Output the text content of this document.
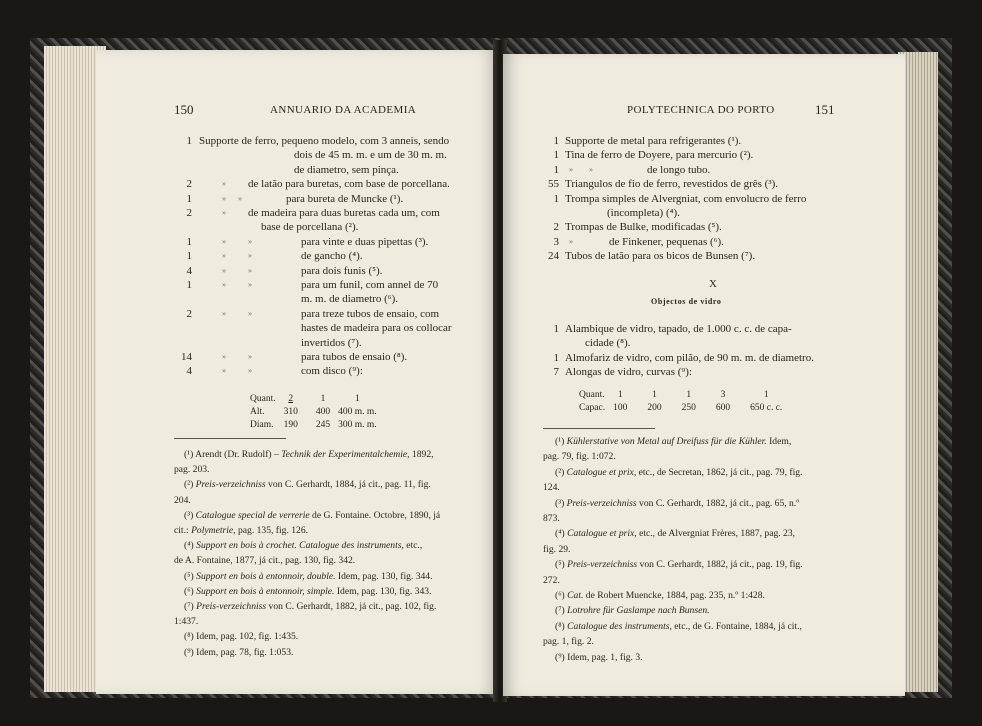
150	ANNUARIO DA ACADEMIA
1 Supporte de ferro, pequeno modelo, com 3 anneis, sendo
dois de 45 m. m. e um de 30 m. m.
de diametro, sem pinça.
2	» de latão para buretas, com base de porcellana.
1	»      »	para bureta de Muncke (¹).
2	» de madeira para duas buretas cada um, com
base de porcellana (²).
1	»           »	para vinte e duas pipettas (³).
1	»           »	de gancho (⁴).
4	»           »	para dois funis (⁵).
1	»           »	para um funil, com annel de 70
m. m. de diametro (⁶).
2	»           »	para treze tubos de ensaio, com
hastes de madeira para os collocar
invertidos (⁷).
14	»           »	para tubos de ensaio (⁸).
4	»           »	com disco (⁹):
Quant.	2	1	1
Alt.	310	400	400 m. m.
Diam.	190	245	300 m. m.
(¹) Arendt (Dr. Rudolf) – Technik der Experimentalchemie, 1892,
pag. 203.
(²) Preis-verzeichniss von C. Gerhardt, 1884, já cit., pag. 11, fig.
204.
(³) Catalogue special de verrerie de G. Fontaine. Octobre, 1890, já
cit.: Polymetrie, pag. 135, fig. 126.
(⁴) Support en bois à crochet. Catalogue des instruments, etc.,
de A. Fontaine, 1877, já cit., pag. 130, fig. 342.
(⁵) Support en bois à entonnoir, double. Idem, pag. 130, fig. 344.
(⁶) Support en bois à entonnoir, simple. Idem, pag. 130, fig. 343.
(⁷) Preis-verzeichniss von C. Gerhardt, 1882, já cit., pag. 102, fig.
1:437.
(⁸) Idem, pag. 102, fig. 1:435.
(⁹) Idem, pag. 78, fig. 1:053.
POLYTECHNICA DO PORTO	151
1 Supporte de metal para refrigerantes (¹).
1 Tina de ferro de Doyere, para mercurio (²).
1 »        »	de longo tubo.
55 Triangulos de fio de ferro, revestidos de grês (³).
1 Trompa simples de Alvergniat, com envolucro de ferro
(incompleta) (⁴).
2 Trompas de Bulke, modificadas (⁵).
3 »	de Finkener, pequenas (⁶).
24 Tubos de latão para os bicos de Bunsen (⁷).
X
Objectos de vidro
1 Alambique de vidro, tapado, de 1.000 c. c. de capa-
cidade (⁸).
1 Almofariz de vidro, com pilão, de 90 m. m. de diametro.
7 Alongas de vidro, curvas (⁹):
Quant.	1	1	1	3	1
Capac.	100	200	250	600	650 c. c.
(¹) Kühlerstative von Metal auf Dreifuss für die Kühler. Idem,
pag. 79, fig. 1:072.
(²) Catalogue et prix, etc., de Secretan, 1862, já cit., pag. 79, fig.
124.
(³) Preis-verzeichniss von C. Gerhardt, 1882, já cit., pag. 65, n.º
873.
(⁴) Catalogue et prix, etc., de Alvergniat Frères, 1887, pag. 23,
fig. 29.
(⁵) Preis-verzeichniss von C. Gerhardt, 1882, já cit., pag. 19, fig.
272.
(⁶) Cat. de Robert Muencke, 1884, pag. 235, n.º 1:428.
(⁷) Lotrohre für Gaslampe nach Bunsen.
(⁸) Catalogue des instruments, etc., de G. Fontaine, 1884, já cit.,
pag. 1, fig. 2.
(⁹) Idem, pag. 1, fig. 3.
